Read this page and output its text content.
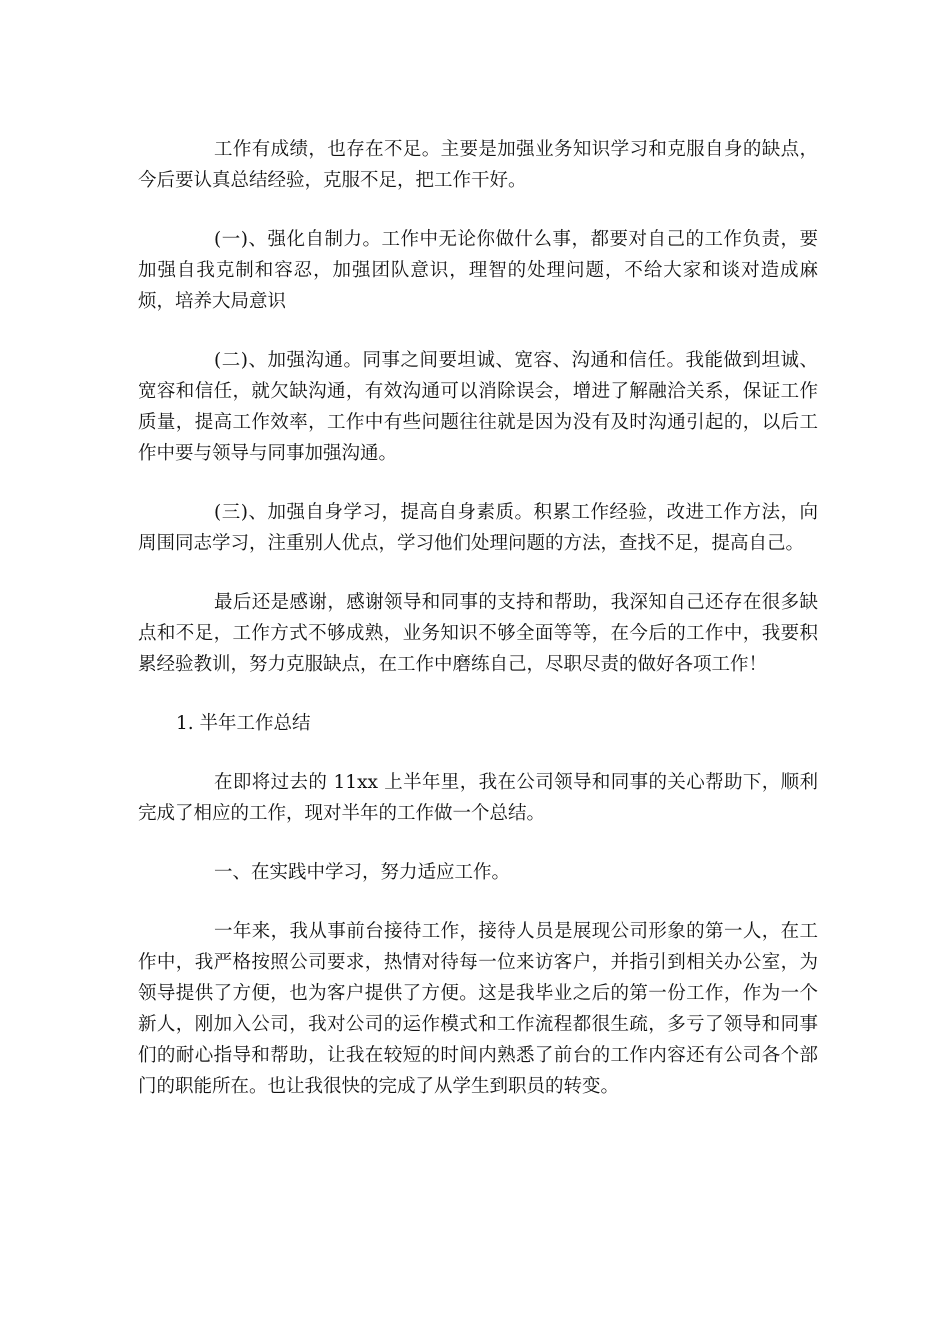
工作有成绩，也存在不足。主要是加强业务知识学习和克服自身的缺点，今后要认真总结经验，克服不足，把工作干好。

(一)、强化自制力。工作中无论你做什么事，都要对自己的工作负责，要加强自我克制和容忍，加强团队意识，理智的处理问题，不给大家和谈对造成麻烦，培养大局意识

(二)、加强沟通。同事之间要坦诚、宽容、沟通和信任。我能做到坦诚、宽容和信任，就欠缺沟通，有效沟通可以消除误会，增进了解融洽关系，保证工作质量，提高工作效率，工作中有些问题往往就是因为没有及时沟通引起的，以后工作中要与领导与同事加强沟通。

(三)、加强自身学习，提高自身素质。积累工作经验，改进工作方法，向周围同志学习，注重别人优点，学习他们处理问题的方法，查找不足，提高自己。

最后还是感谢，感谢领导和同事的支持和帮助，我深知自己还存在很多缺点和不足，工作方式不够成熟，业务知识不够全面等等，在今后的工作中，我要积累经验教训，努力克服缺点，在工作中磨练自己，尽职尽责的做好各项工作！

1. 半年工作总结

在即将过去的 11xx 上半年里，我在公司领导和同事的关心帮助下，顺利完成了相应的工作，现对半年的工作做一个总结。

一、在实践中学习，努力适应工作。

一年来，我从事前台接待工作，接待人员是展现公司形象的第一人，在工作中，我严格按照公司要求，热情对待每一位来访客户，并指引到相关办公室，为领导提供了方便，也为客户提供了方便。这是我毕业之后的第一份工作，作为一个新人，刚加入公司，我对公司的运作模式和工作流程都很生疏，多亏了领导和同事们的耐心指导和帮助，让我在较短的时间内熟悉了前台的工作内容还有公司各个部门的职能所在。也让我很快的完成了从学生到职员的转变。
